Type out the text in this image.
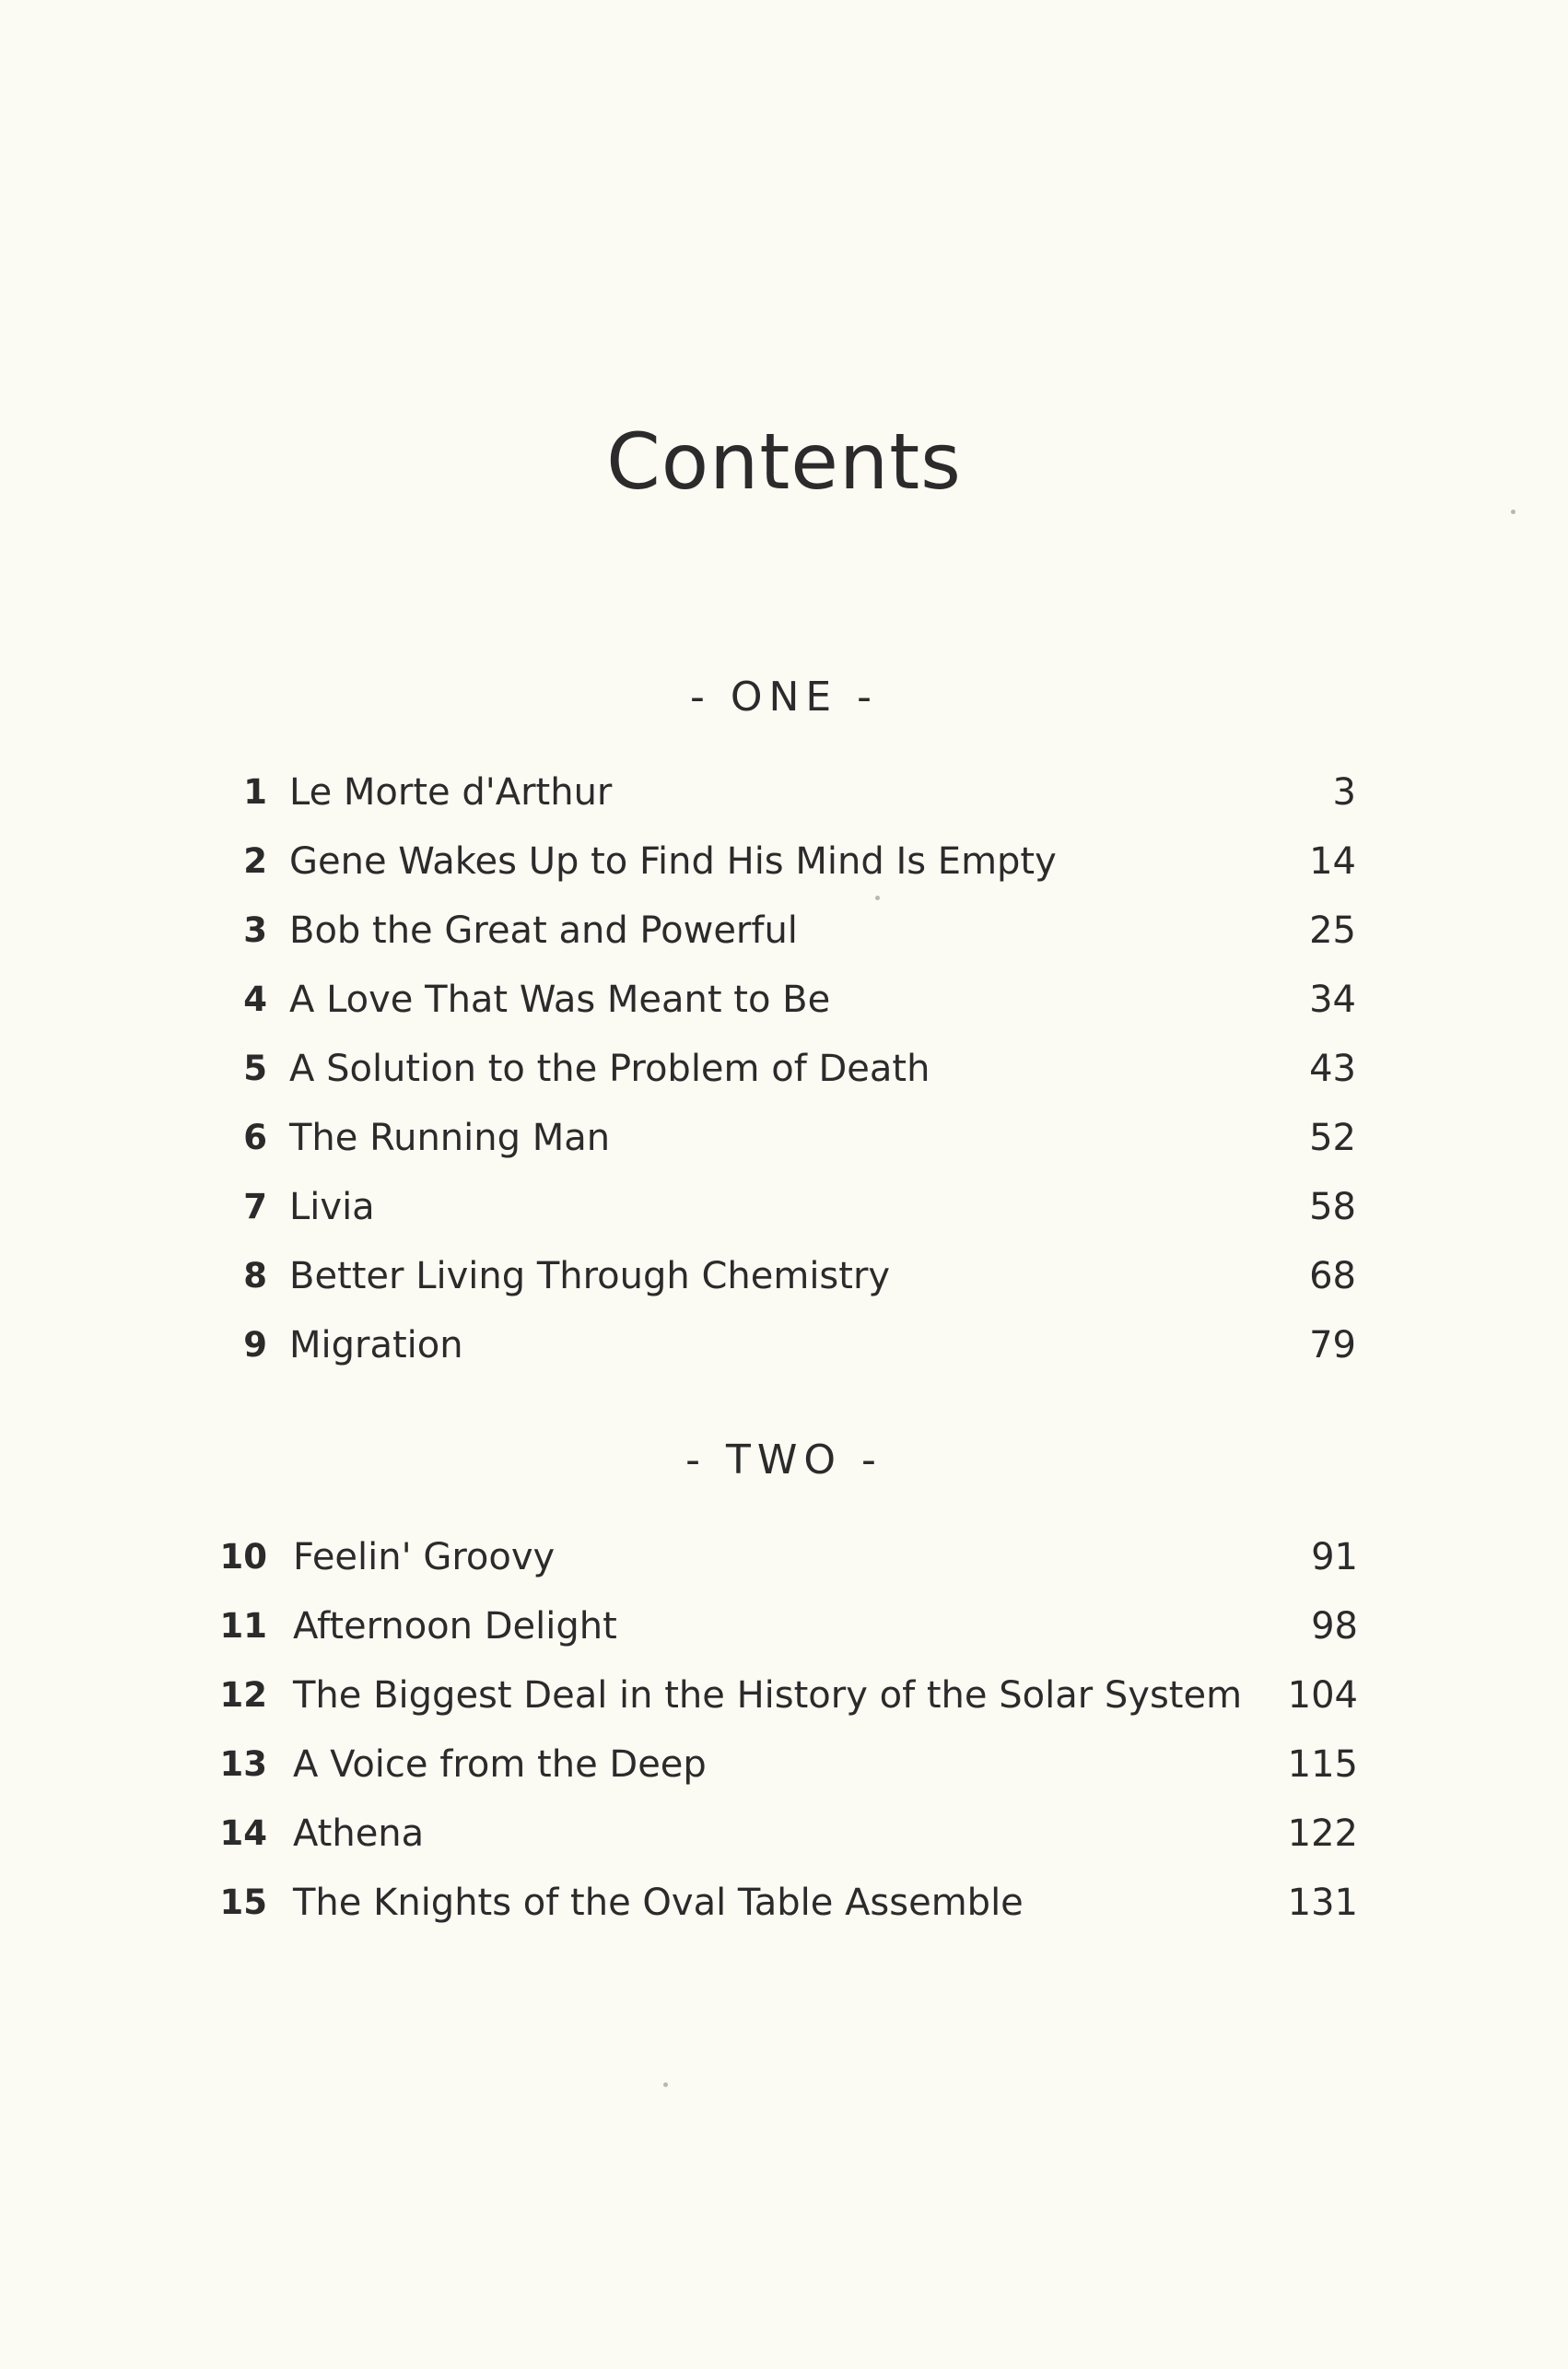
Contents
- ONE -
1 Le Morte d'Arthur	3
2 Gene Wakes Up to Find His Mind Is Empty	14
3 Bob the Great and Powerful	25
4 A Love That Was Meant to Be	34
5 A Solution to the Problem of Death	43
6 The Running Man	52
7 Livia	58
8 Better Living Through Chemistry	68
9 Migration	79
- TWO -
10 Feelin' Groovy	91
11 Afternoon Delight	98
12 The Biggest Deal in the History of the Solar System 104
13 A Voice from the Deep	115
14 Athena	122
15 The Knights of the Oval Table Assemble	131
